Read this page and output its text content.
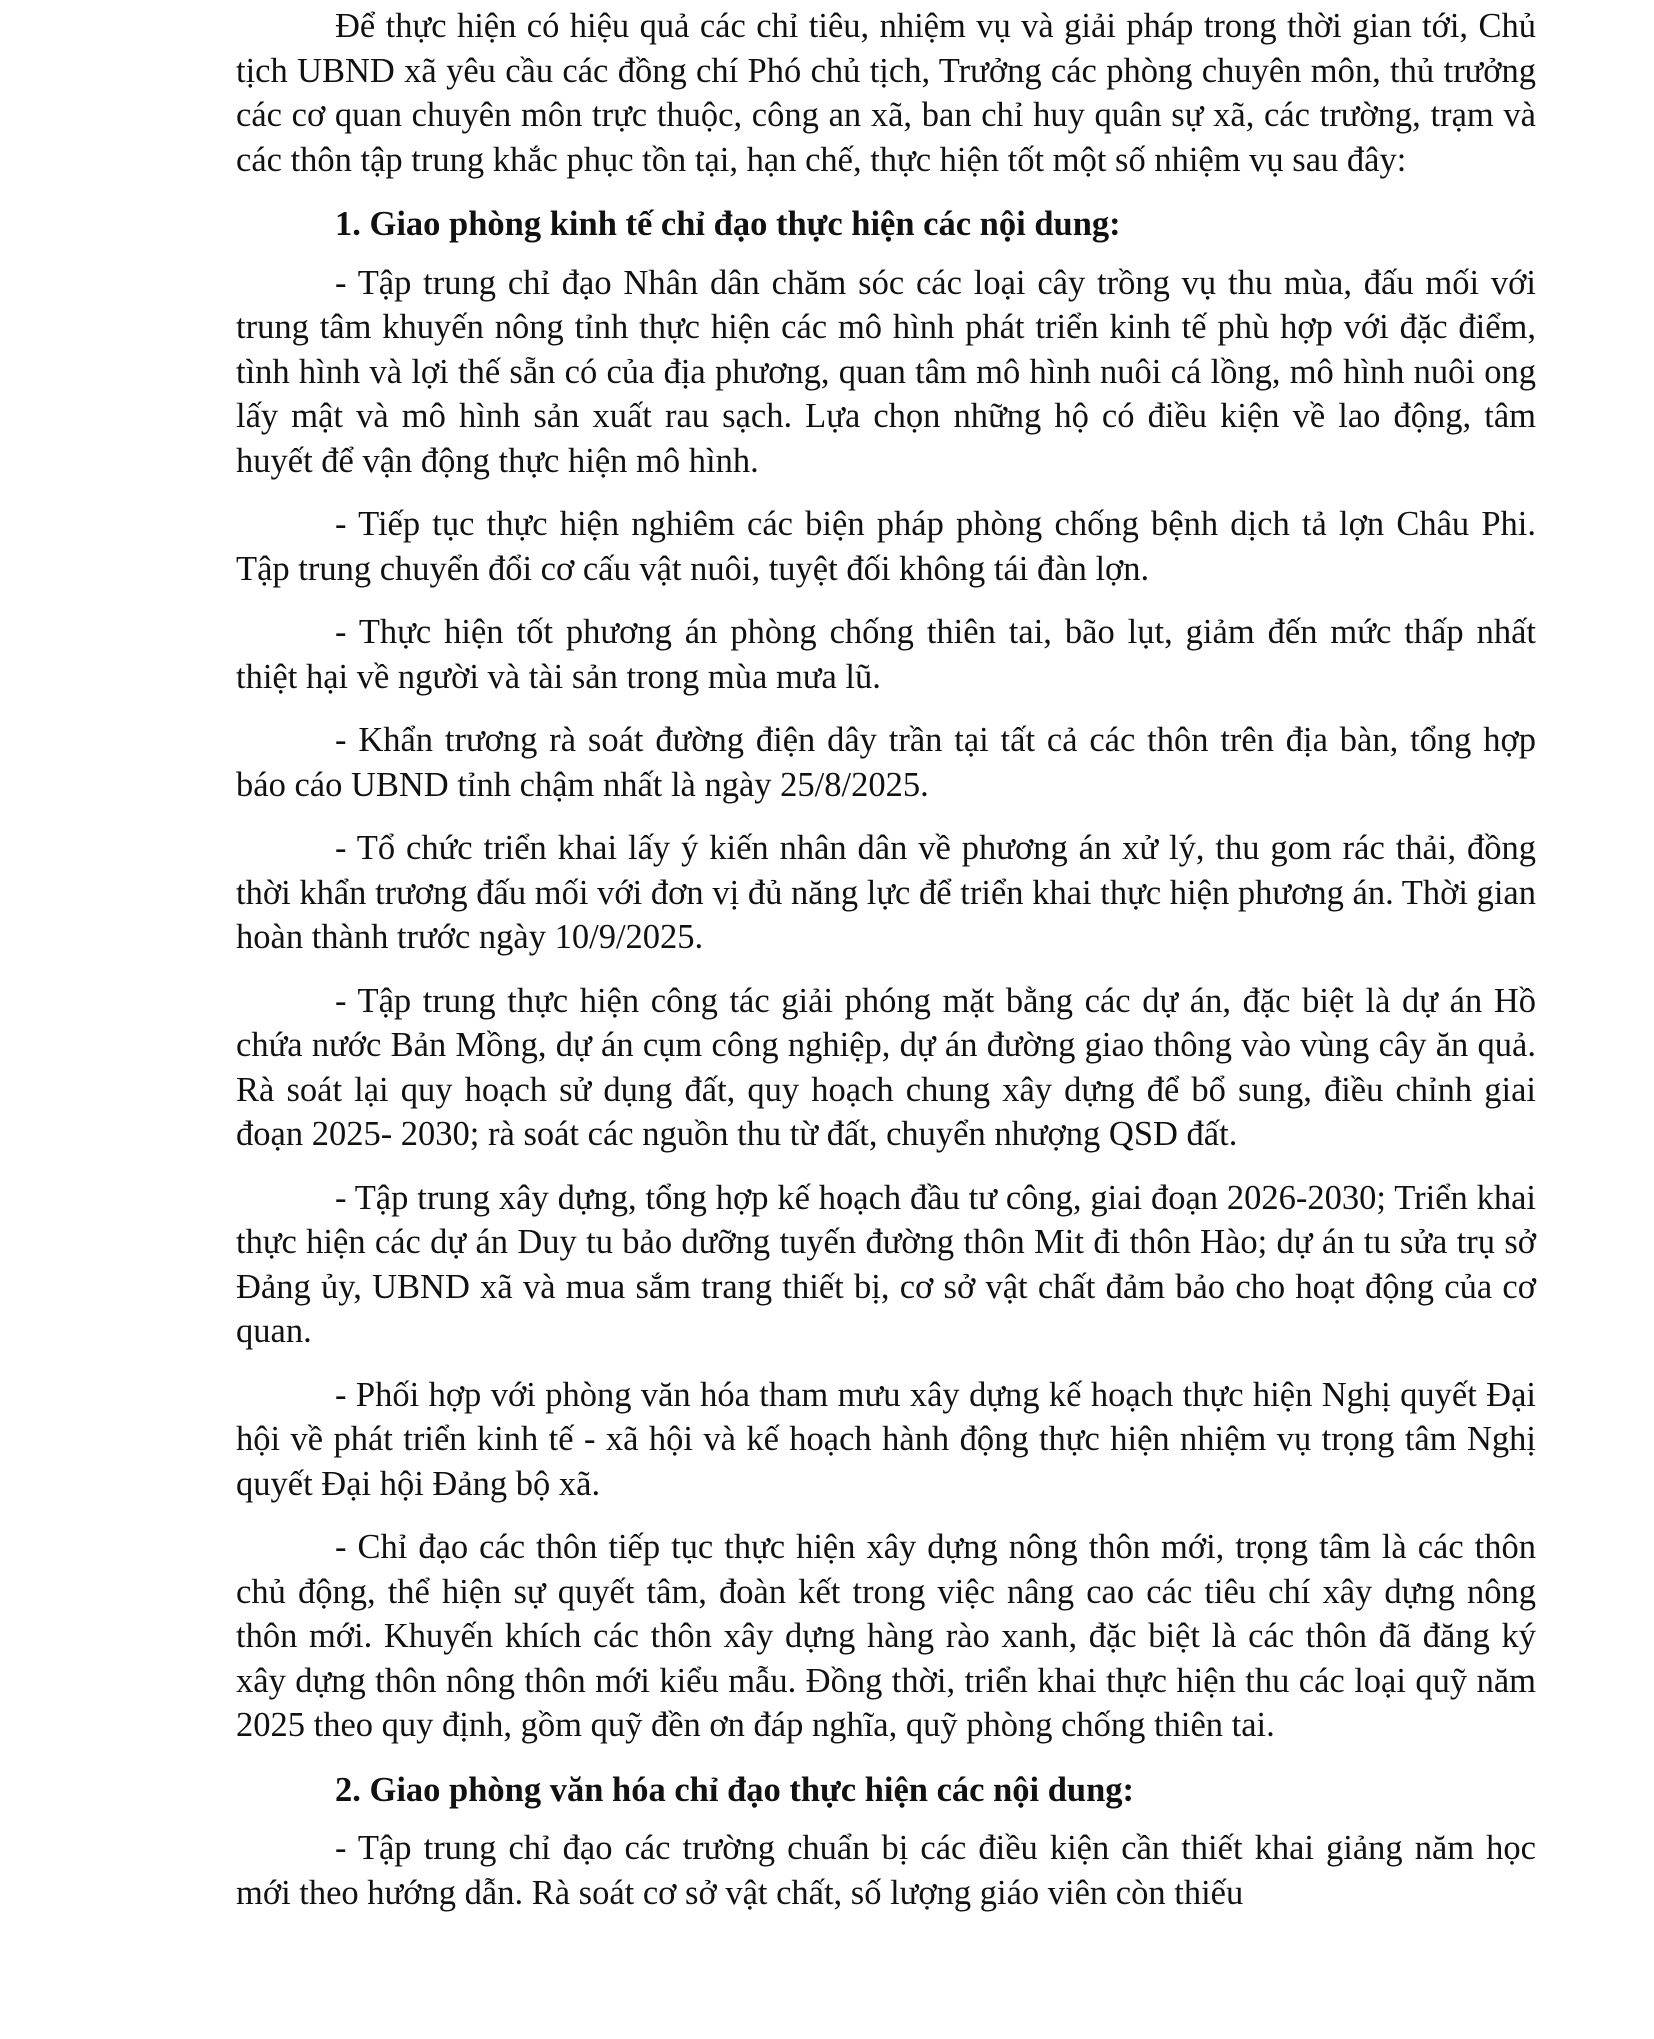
Để thực hiện có hiệu quả các chỉ tiêu, nhiệm vụ và giải pháp trong thời gian tới, Chủ tịch UBND xã yêu cầu các đồng chí Phó chủ tịch, Trưởng các phòng chuyên môn, thủ trưởng các cơ quan chuyên môn trực thuộc, công an xã, ban chỉ huy quân sự xã, các trường, trạm và các thôn tập trung khắc phục tồn tại, hạn chế, thực hiện tốt một số nhiệm vụ sau đây:

1. Giao phòng kinh tế chỉ đạo thực hiện các nội dung:

- Tập trung chỉ đạo Nhân dân chăm sóc các loại cây trồng vụ thu mùa, đấu mối với trung tâm khuyến nông tỉnh thực hiện các mô hình phát triển kinh tế phù hợp với đặc điểm, tình hình và lợi thế sẵn có của địa phương, quan tâm mô hình nuôi cá lồng, mô hình nuôi ong lấy mật và mô hình sản xuất rau sạch. Lựa chọn những hộ có điều kiện về lao động, tâm huyết để vận động thực hiện mô hình.

- Tiếp tục thực hiện nghiêm các biện pháp phòng chống bệnh dịch tả lợn Châu Phi. Tập trung chuyển đổi cơ cấu vật nuôi, tuyệt đối không tái đàn lợn.

- Thực hiện tốt phương án phòng chống thiên tai, bão lụt, giảm đến mức thấp nhất thiệt hại về người và tài sản trong mùa mưa lũ.

- Khẩn trương rà soát đường điện dây trần tại tất cả các thôn trên địa bàn, tổng hợp báo cáo UBND tỉnh chậm nhất là ngày 25/8/2025.

- Tổ chức triển khai lấy ý kiến nhân dân về phương án xử lý, thu gom rác thải, đồng thời khẩn trương đấu mối với đơn vị đủ năng lực để triển khai thực hiện phương án. Thời gian hoàn thành trước ngày 10/9/2025.

- Tập trung thực hiện công tác giải phóng mặt bằng các dự án, đặc biệt là dự án Hồ chứa nước Bản Mồng, dự án cụm công nghiệp, dự án đường giao thông vào vùng cây ăn quả. Rà soát lại quy hoạch sử dụng đất, quy hoạch chung xây dựng để bổ sung, điều chỉnh giai đoạn 2025- 2030; rà soát các nguồn thu từ đất, chuyển nhượng QSD đất.

- Tập trung xây dựng, tổng hợp kế hoạch đầu tư công, giai đoạn 2026-2030; Triển khai thực hiện các dự án Duy tu bảo dưỡng tuyến đường thôn Mit đi thôn Hào; dự án tu sửa trụ sở Đảng ủy, UBND xã và mua sắm trang thiết bị, cơ sở vật chất đảm bảo cho hoạt động của cơ quan.

- Phối hợp với phòng văn hóa tham mưu xây dựng kế hoạch thực hiện Nghị quyết Đại hội về phát triển kinh tế - xã hội và kế hoạch hành động thực hiện nhiệm vụ trọng tâm Nghị quyết Đại hội Đảng bộ xã.

- Chỉ đạo các thôn tiếp tục thực hiện xây dựng nông thôn mới, trọng tâm là các thôn chủ động, thể hiện sự quyết tâm, đoàn kết trong việc nâng cao các tiêu chí xây dựng nông thôn mới. Khuyến khích các thôn xây dựng hàng rào xanh, đặc biệt là các thôn đã đăng ký xây dựng thôn nông thôn mới kiểu mẫu. Đồng thời, triển khai thực hiện thu các loại quỹ năm 2025 theo quy định, gồm quỹ đền ơn đáp nghĩa, quỹ phòng chống thiên tai.

2. Giao phòng văn hóa chỉ đạo thực hiện các nội dung:

- Tập trung chỉ đạo các trường chuẩn bị các điều kiện cần thiết khai giảng năm học mới theo hướng dẫn. Rà soát cơ sở vật chất, số lượng giáo viên còn thiếu
